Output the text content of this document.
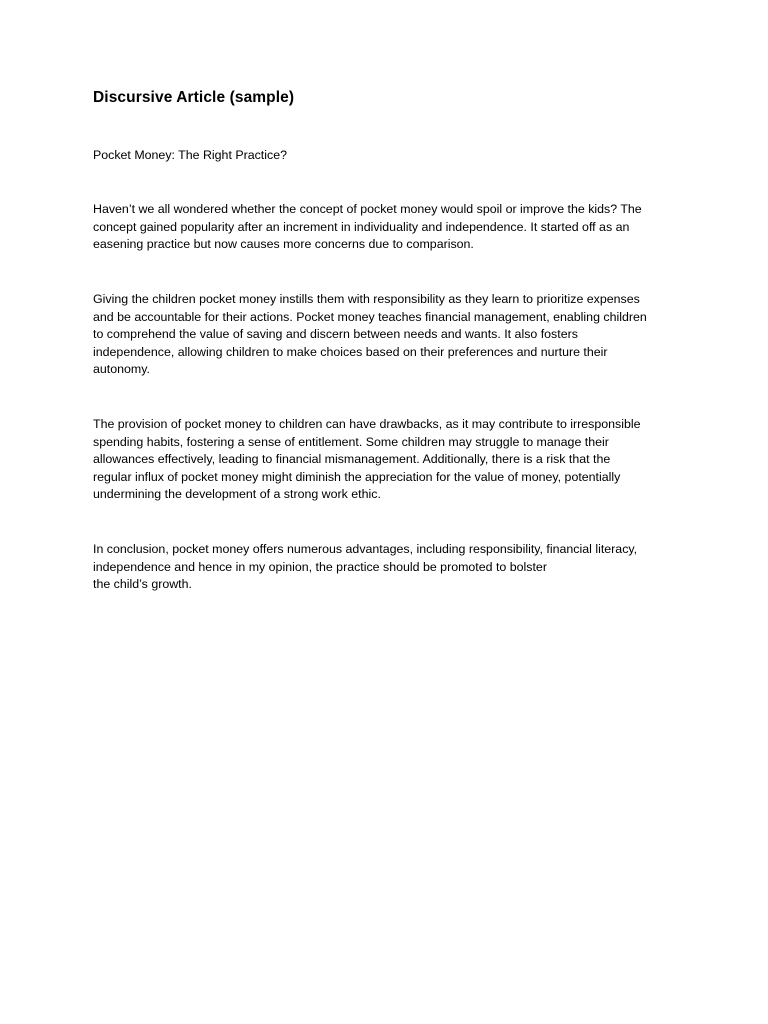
Discursive Article (sample)

Pocket Money: The Right Practice?

Haven’t we all wondered whether the concept of pocket money would spoil or improve the kids? The
concept gained popularity after an increment in individuality and independence. It started off as an
easening practice but now causes more concerns due to comparison.

Giving the children pocket money instills them with responsibility as they learn to prioritize expenses
and be accountable for their actions. Pocket money teaches financial management, enabling children
to comprehend the value of saving and discern between needs and wants. It also fosters
independence, allowing children to make choices based on their preferences and nurture their
autonomy.

The provision of pocket money to children can have drawbacks, as it may contribute to irresponsible
spending habits, fostering a sense of entitlement. Some children may struggle to manage their
allowances effectively, leading to financial mismanagement. Additionally, there is a risk that the
regular influx of pocket money might diminish the appreciation for the value of money, potentially
undermining the development of a strong work ethic.

In conclusion, pocket money offers numerous advantages, including responsibility, financial literacy,
independence and hence in my opinion, the practice should be promoted to bolster
the child’s growth.
